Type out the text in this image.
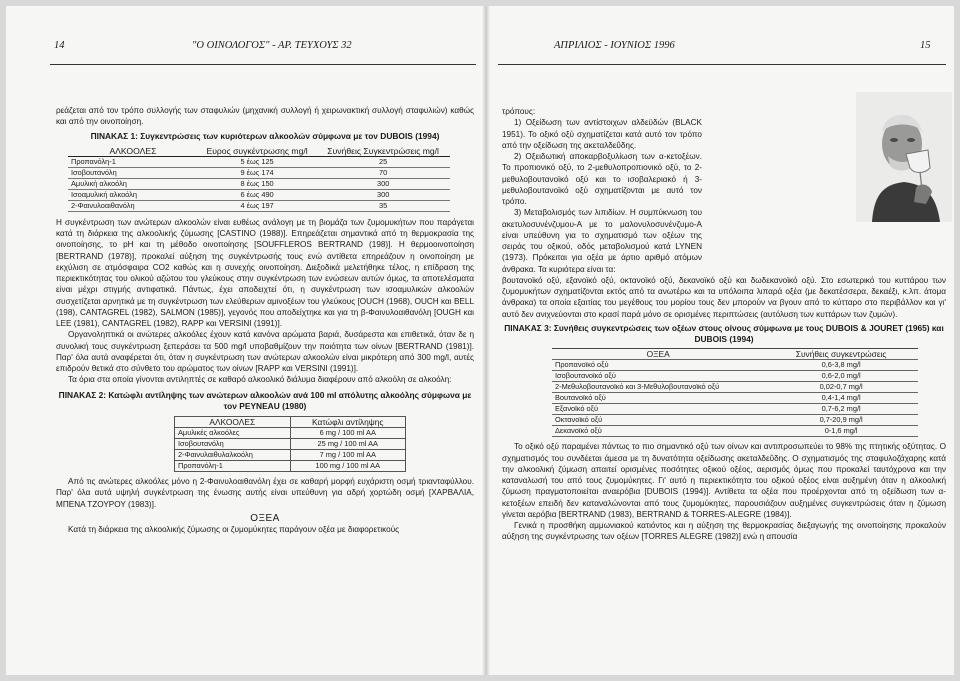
14	"Ο ΟΙΝΟΛΟΓΟΣ" - ΑΡ. ΤΕΥΧΟΥΣ 32

ρεάζεται από τον τρόπο συλλογής των σταφυλιών (μηχανική συλλογή ή χειρωνακτική συλλογή σταφυλιών) καθώς και από την οινοποίηση.

ΠΙΝΑΚΑΣ 1: Συγκεντρώσεις των κυριότερων αλκοολών σύμφωνα με τον DUBOIS (1994)

ΑΛΚΟΟΛΕΣ	Ευρος συγκέντρωσης mg/l	Συνήθεις Συγκεντρώσεις mg/l
Προπανόλη-1	5 έως 125	25
Ισοβουτανόλη	9 έως 174	70
Αμυλική αλκοόλη	8 έως 150	300
Ισοαμυλική αλκοόλη	6 έως 490	300
2-Φαινυλοαιθανόλη	4 έως 197	35

Η συγκέντρωση των ανώτερων αλκοολών είναι ευθέως ανάλογη με τη βιομάζα των ζυμομυκήτων που παράγεται κατά τη διάρκεια της αλκοολικής ζύμωσης [CASTINO (1988)]. Επηρεάζεται σημαντικά από τη θερμοκρασία της οινοποίησης, το pH και τη μέθοδο οινοποίησης [SOUFFLEROS BERTRAND (198)]. Η θερμοοινοποίηση [BERTRAND (1978)], προκαλεί αύξηση της συγκέντρωσής τους ενώ αντίθετα επηρεάζουν η οινοποίηση με εκχύλιση σε ατμόσφαιρα CO2 καθώς και η συνεχής οινοποίηση. Διεξοδικά μελετήθηκε τέλος, η επίδραση της περιεκτικότητας του ολικού αζώτου του γλεύκους στην συγκέντρωση των ενώσεων αυτών όμως, τα αποτελέσματα είναι μέχρι στιγμής αντιφατικά. Πάντως, έχει αποδειχτεί ότι, η συγκέντρωση των ισοαμυλικών αλκοολών συσχετίζεται αρνητικά με τη συγκέντρωση των ελεύθερων αμινοξέων του γλεύκους [OUCH (1968), OUCH και BELL (198), CANTAGREL (1982), SALMON (1985)], γεγονός που αποδείχτηκε και για τη β-Φαινυλοαιθανόλη [OUGH και LEE (1981), CANTAGREL (1982), RAPP και VERSINI (1991)].

Οργανοληπτικά οι ανώτερες αλκοόλες έχουν κατά κανόνα αρώματα βαριά, δυσάρεστα και επιθετικά, όταν δε η συνολική τους συγκέντρωση ξεπεράσει τα 500 mg/l υποβαθμίζουν την ποιότητα των οίνων [BERTRAND (1981)]. Παρ' όλα αυτά αναφέρεται ότι, όταν η συγκέντρωση των ανώτερων αλκοολών είναι μικρότερη από 300 mg/l, αυτές επιδρούν θετικά στο σύνθετο του αρώματος των οίνων [RAPP και VERSINI (1991)].

Τα όρια στα οποία γίνονται αντιληπτές σε καθαρό αλκοολικό διάλυμα διαφέρουν από αλκοόλη σε αλκοόλη:

ΠΙΝΑΚΑΣ 2: Κατώφλι αντίληψης των ανώτερων αλκοολών ανά 100 ml απόλυτης αλκοόλης σύμφωνα με τον PEYNEAU (1980)

ΑΛΚΟΟΛΕΣ	Κατώφλι αντίληψης
Αμυλικές αλκοόλες	6 mg / 100 ml AA
Ισοβουτανόλη	25 mg / 100 ml AA
2-Φαινυλαιθυλαλκοόλη	7 mg / 100 ml AA
Προπανόλη-1	100 mg / 100 ml AA

Από τις ανώτερες αλκοόλες μόνο η 2-Φαινυλοαιθανόλη έχει σε καθαρή μορφή ευχάριστη οσμή τριανταφύλλου. Παρ' όλα αυτά υψηλή συγκέντρωση της ένωσης αυτής είναι υπεύθυνη για αδρή χορτώδη οσμή [ΧΑΡΒΑΛΙΑ, ΜΠΕΝΑ ΤΖΟΥΡΟΥ (1983)].

ΟΞΕΑ

Κατά τη διάρκεια της αλκοολικής ζύμωσης οι ζυμομύκητες παράγουν οξέα με διαφορετικούς

ΑΠΡΙΛΙΟΣ - ΙΟΥΝΙΟΣ 1996	15

τρόπους:

1) Οξείδωση των αντίστοιχων αλδεϋδών (BLACK 1951). Το οξικό οξύ σχηματίζεται κατά αυτό τον τρόπο από την οξείδωση της ακεταλδεΰδης.

2) Οξειδωτική αποκαρβοξυλίωση των α-κετοξέων. Το προπιονικό οξύ, το 2-μεθυλοπροπιονικό οξύ, το 2-μεθυλοβουτανοϊκό οξύ και το ισοβαλεριακό ή 3-μεθυλοβουτανοϊκό οξύ σχηματίζονται με αυτό τον τρόπο.

3) Μεταβολισμός των λιπιδίων. Η συμπύκνωση του ακετυλοσυνένζυμου-Α με το μαλονυλοσυνένζυμο-Α είναι υπεύθυνη για το σχηματισμό των οξέων της σειράς του οξικού, οδός μεταβολισμού κατά LYNEN (1973). Πρόκειται για οξέα με άρτιο αριθμό ατόμων άνθρακα. Τα κυριότερα είναι τα:

βουτανοϊκό οξύ, εξανοϊκό οξύ, οκτανοϊκό οξύ, δεκανοϊκό οξύ και δωδεκανοϊκό οξύ. Στο εσωτερικό του κυττάρου των ζυμομυκήτων σχηματίζονται εκτός από τα ανωτέρω και τα υπόλοιπα λιπαρά οξέα (με δεκατέσσερα, δεκαέξι, κ.λπ. άτομα άνθρακα) τα οποία εξαιτίας του μεγέθους του μορίου τους δεν μπορούν να βγουν από το κύτταρο στο περιβάλλον και γι' αυτό δεν ανιχνεύονται στο κρασί παρά μόνο σε ορισμένες περιπτώσεις (αυτόλυση των κυττάρων των ζυμών).

ΠΙΝΑΚΑΣ 3: Συνήθεις συγκεντρώσεις των οξέων στους οίνους σύμφωνα με τους DUBOIS & JOURET (1965) και DUBOIS (1994)

ΟΞΕΑ	Συνήθεις συγκεντρώσεις
Προπανοϊκό οξύ	0,6-3,8 mg/l
Ισοβουτανοϊκό οξύ	0,6-2,0 mg/l
2-Μεθυλοβουτανοϊκό και 3-Μεθυλοβουτανοϊκό οξύ	0,02-0,7 mg/l
Βουτανοϊκό οξύ	0,4-1,4 mg/l
Εξανοϊκό οξύ	0,7-6,2 mg/l
Οκτανοϊκό οξύ	0,7-20,9 mg/l
Δεκανοϊκό οξύ	0-1,6 mg/l

Το οξικό οξύ παραμένει πάντως το πιο σημαντικό οξύ των οίνων και αντιπροσωπεύει το 98% της πτητικής οξύτητας. Ο σχηματισμός του συνδέεται άμεσα με τη δυνατότητα οξείδωσης ακεταλδεΰδης. Ο σχηματισμός της σταφυλοζάχαρης κατά την αλκοολική ζύμωση απαιτεί ορισμένες ποσότητες οξικού οξέος, αερισμός όμως που προκαλεί ταυτόχρονα και την καταναλωσή του από τους ζυμομύκητες. Γι' αυτό η περιεκτικότητα του οξικού οξέος είναι αυξημένη όταν η αλκοολική ζύμωση πραγματοποιείται αναερόβια [DUBOIS (1994)]. Αντίθετα τα οξέα που προέρχονται από τη οξείδωση των α-κετοξέων επειδή δεν καταναλώνονται από τους ζυμομύκητες, παρουσιάζουν αυξημένες συγκεντρώσεις όταν η ζύμωση γίνεται αερόβια [BERTRAND (1983), BERTRAND & TORRES-ALEGRE (1984)].

Γενικά η προσθήκη αμμωνιακού κατιόντος και η αύξηση της θερμοκρασίας διεξαγωγής της οινοποίησης προκαλούν αύξηση της συγκέντρωσης των οξέων [TORRES ALEGRE (1982)] ενώ η απουσία
